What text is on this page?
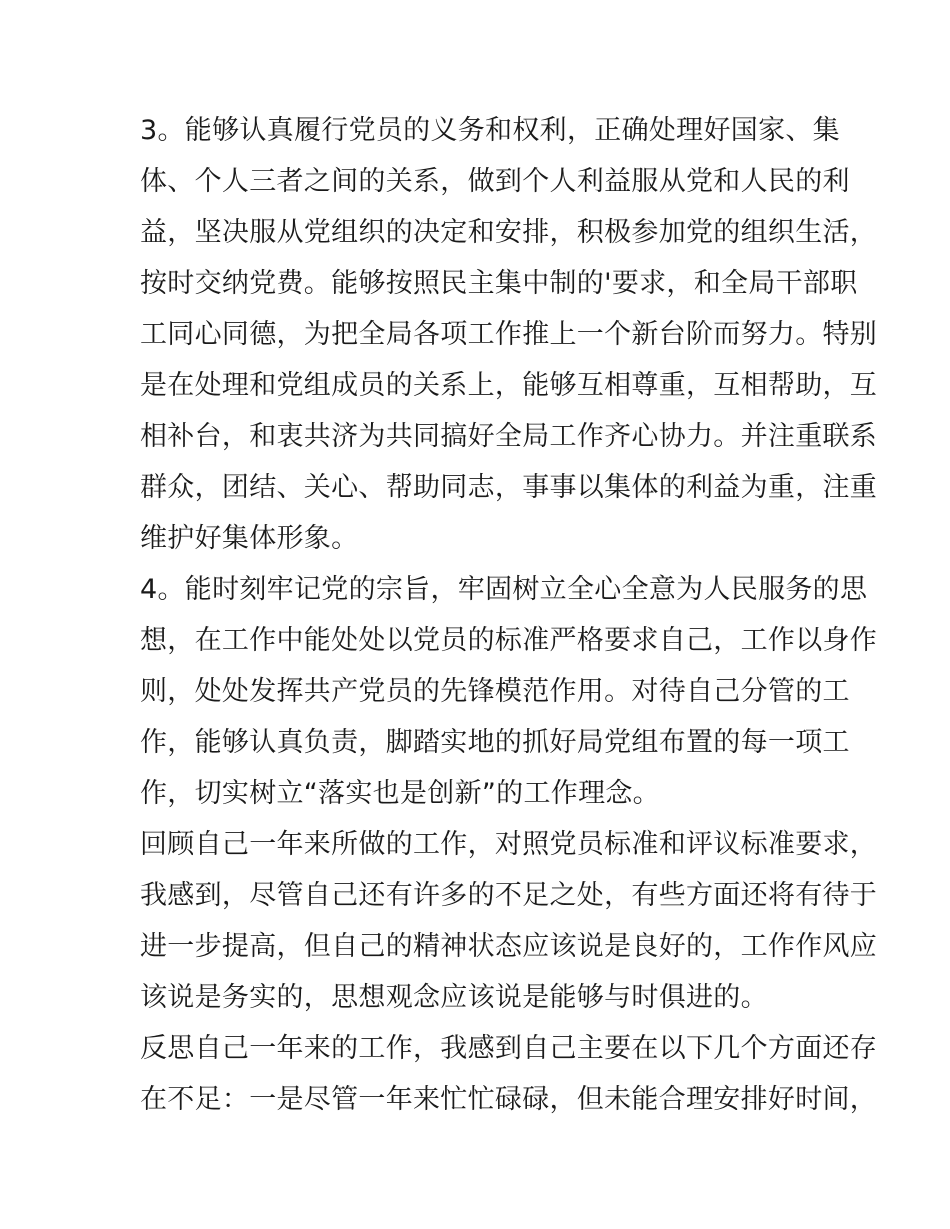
3。能够认真履行党员的义务和权利，正确处理好国家、集
体、个人三者之间的关系，做到个人利益服从党和人民的利
益，坚决服从党组织的决定和安排，积极参加党的组织生活，
按时交纳党费。能够按照民主集中制的'要求，和全局干部职
工同心同德，为把全局各项工作推上一个新台阶而努力。特别
是在处理和党组成员的关系上，能够互相尊重，互相帮助，互
相补台，和衷共济为共同搞好全局工作齐心协力。并注重联系
群众，团结、关心、帮助同志，事事以集体的利益为重，注重
维护好集体形象。
4。能时刻牢记党的宗旨，牢固树立全心全意为人民服务的思
想，在工作中能处处以党员的标准严格要求自己，工作以身作
则，处处发挥共产党员的先锋模范作用。对待自己分管的工
作，能够认真负责，脚踏实地的抓好局党组布置的每一项工
作，切实树立“落实也是创新”的工作理念。
回顾自己一年来所做的工作，对照党员标准和评议标准要求，
我感到，尽管自己还有许多的不足之处，有些方面还将有待于
进一步提高，但自己的精神状态应该说是良好的，工作作风应
该说是务实的，思想观念应该说是能够与时俱进的。
反思自己一年来的工作，我感到自己主要在以下几个方面还存
在不足：一是尽管一年来忙忙碌碌，但未能合理安排好时间，
